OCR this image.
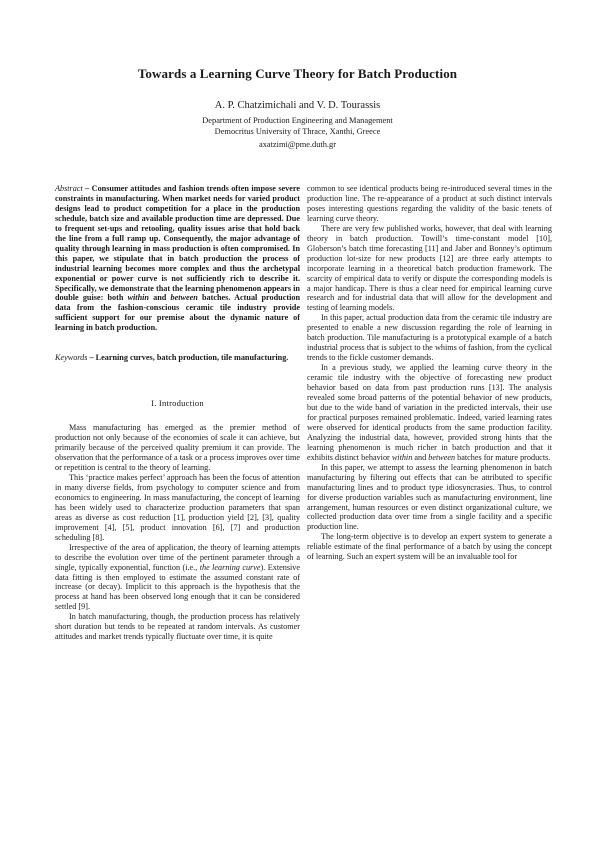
Towards a Learning Curve Theory for Batch Production
A. P. Chatzimichali and V. D. Tourassis
Department of Production Engineering and Management
Democritus University of Thrace, Xanthi, Greece
axatzimi@pme.duth.gr

Abstract – Consumer attitudes and fashion trends often impose severe constraints in manufacturing. When market needs for varied product designs lead to product competition for a place in the production schedule, batch size and available production time are depressed. Due to frequent set-ups and retooling, quality issues arise that hold back the line from a full ramp up. Consequently, the major advantage of quality through learning in mass production is often compromised. In this paper, we stipulate that in batch production the process of industrial learning becomes more complex and thus the archetypal exponential or power curve is not sufficiently rich to describe it. Specifically, we demonstrate that the learning phenomenon appears in double guise: both within and between batches. Actual production data from the fashion-conscious ceramic tile industry provide sufficient support for our premise about the dynamic nature of learning in batch production.

Keywords – Learning curves, batch production, tile manufacturing.

I. Introduction

Mass manufacturing has emerged as the premier method of production not only because of the economies of scale it can achieve, but primarily because of the perceived quality premium it can provide. The observation that the performance of a task or a process improves over time or repetition is central to the theory of learning.

This ‘practice makes perfect’ approach has been the focus of attention in many diverse fields, from psychology to computer science and from economics to engineering. In mass manufacturing, the concept of learning has been widely used to characterize production parameters that span areas as diverse as cost reduction [1], production yield [2], [3], quality improvement [4], [5], product innovation [6], [7] and production scheduling [8].

Irrespective of the area of application, the theory of learning attempts to describe the evolution over time of the pertinent parameter through a single, typically exponential, function (i.e., the learning curve). Extensive data fitting is then employed to estimate the assumed constant rate of increase (or decay). Implicit to this approach is the hypothesis that the process at hand has been observed long enough that it can be considered settled [9].

In batch manufacturing, though, the production process has relatively short duration but tends to be repeated at random intervals. As customer attitudes and market trends typically fluctuate over time, it is quite

common to see identical products being re-introduced several times in the production line. The re-appearance of a product at such distinct intervals poses interesting questions regarding the validity of the basic tenets of learning curve theory.

There are very few published works, however, that deal with learning theory in batch production. Towill’s time-constant model [10], Globerson’s batch time forecasting [11] and Jaber and Bonney’s optimum production lot-size for new products [12] are three early attempts to incorporate learning in a theoretical batch production framework. The scarcity of empirical data to verify or dispute the corresponding models is a major handicap. There is thus a clear need for empirical learning curve research and for industrial data that will allow for the development and testing of learning models.

In this paper, actual production data from the ceramic tile industry are presented to enable a new discussion regarding the role of learning in batch production. Tile manufacturing is a prototypical example of a batch industrial process that is subject to the whims of fashion, from the cyclical trends to the fickle customer demands.

In a previous study, we applied the learning curve theory in the ceramic tile industry with the objective of forecasting new product behavior based on data from past production runs [13]. The analysis revealed some broad patterns of the potential behavior of new products, but due to the wide band of variation in the predicted intervals, their use for practical purposes remained problematic. Indeed, varied learning rates were observed for identical products from the same production facility. Analyzing the industrial data, however, provided strong hints that the learning phenomenon is much richer in batch production and that it exhibits distinct behavior within and between batches for mature products.

In this paper, we attempt to assess the learning phenomenon in batch manufacturing by filtering out effects that can be attributed to specific manufacturing lines and to product type idiosyncrasies. Thus, to control for diverse production variables such as manufacturing environment, line arrangement, human resources or even distinct organizational culture, we collected production data over time from a single facility and a specific production line.

The long-term objective is to develop an expert system to generate a reliable estimate of the final performance of a batch by using the concept of learning. Such an expert system will be an invaluable tool for
